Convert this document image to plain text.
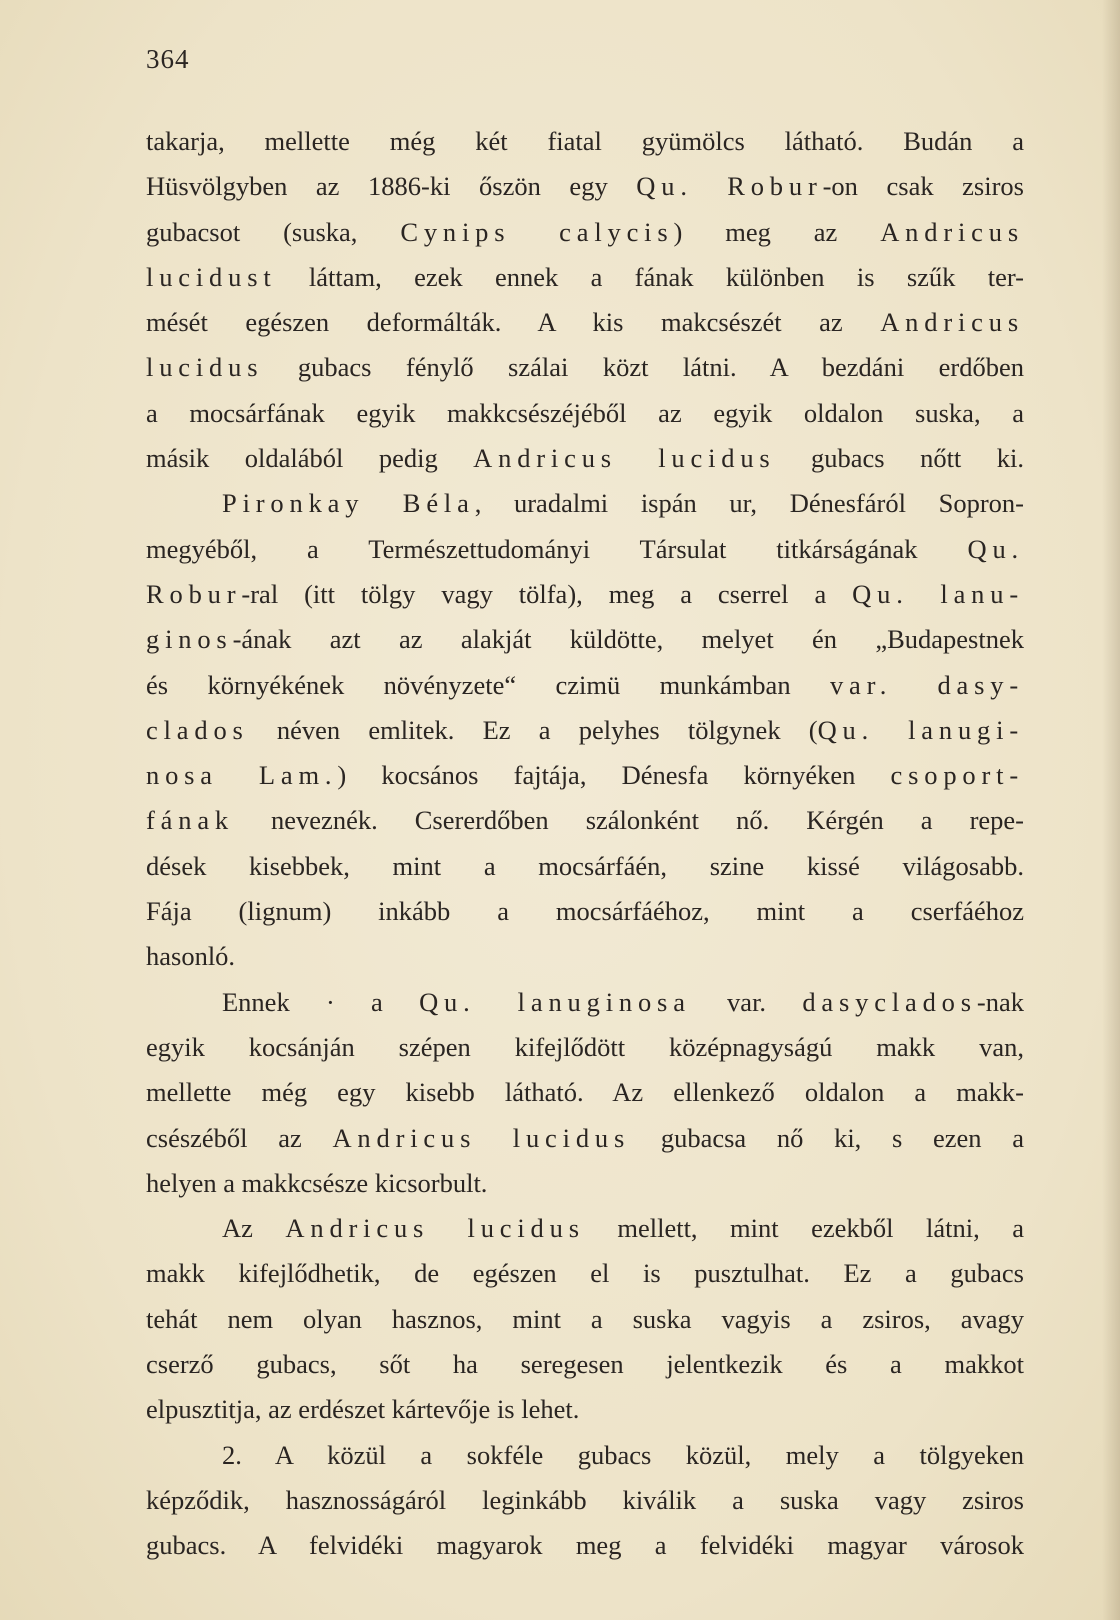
364
takarja, mellette még két fiatal gyümölcs látható. Budán a
Hüsvölgyben az 1886-ki őszön egy Qu. Robur-on csak zsiros
gubacsot (suska, Cynips calycis) meg az Andricus
lucidust láttam, ezek ennek a fának különben is szűk ter-
mését egészen deformálták. A kis makcsészét az Andricus
lucidus gubacs fénylő szálai közt látni. A bezdáni erdőben
a mocsárfának egyik makkcsészéjéből az egyik oldalon suska, a
másik oldalából pedig Andricus lucidus gubacs nőtt ki.
Pironkay Béla, uradalmi ispán ur, Dénesfáról Sopron-
megyéből, a Természettudományi Társulat titkárságának Qu.
Robur-ral (itt tölgy vagy tölfa), meg a cserrel a Qu. lanu-
ginos-ának azt az alakját küldötte, melyet én „Budapestnek
és környékének növényzete“ czimü munkámban var. dasy-
clados néven emlitek. Ez a pelyhes tölgynek (Qu. lanugi-
nosa Lam.) kocsános fajtája, Dénesfa környéken csoport-
fának neveznék. Csererdőben szálonként nő. Kérgén a repe-
dések kisebbek, mint a mocsárfáén, szine kissé világosabb.
Fája (lignum) inkább a mocsárfáéhoz, mint a cserfáéhoz
hasonló.
Ennek · a Qu. lanuginosa var. dasyclados-nak
egyik kocsánján szépen kifejlődött középnagyságú makk van,
mellette még egy kisebb látható. Az ellenkező oldalon a makk-
csészéből az Andricus lucidus gubacsa nő ki, s ezen a
helyen a makkcsésze kicsorbult.
Az Andricus lucidus mellett, mint ezekből látni, a
makk kifejlődhetik, de egészen el is pusztulhat. Ez a gubacs
tehát nem olyan hasznos, mint a suska vagyis a zsiros, avagy
cserző gubacs, sőt ha seregesen jelentkezik és a makkot
elpusztitja, az erdészet kártevője is lehet.
2. A közül a sokféle gubacs közül, mely a tölgyeken
képződik, hasznosságáról leginkább kiválik a suska vagy zsiros
gubacs. A felvidéki magyarok meg a felvidéki magyar városok
